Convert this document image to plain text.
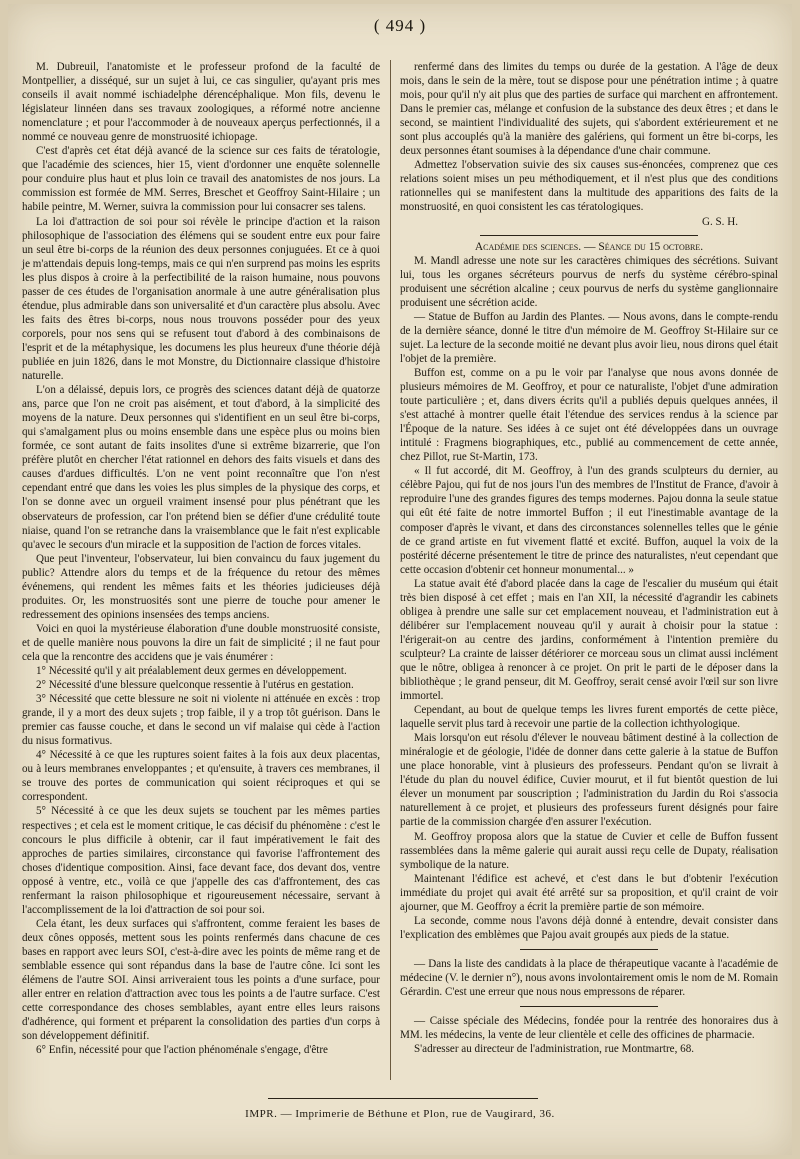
( 494 )

M. Dubreuil, l'anatomiste et le professeur profond de la faculté de Montpellier, a disséqué, sur un sujet à lui, ce cas singulier, qu'ayant pris mes conseils il avait nommé ischiadelphe dérencéphalique. Mon fils, devenu le législateur linnéen dans ses travaux zoologiques, a réformé notre ancienne nomenclature ; et pour l'accommoder à de nouveaux aperçus perfectionnés, il a nommé ce nouveau genre de monstruosité ichiopage.

C'est d'après cet état déjà avancé de la science sur ces faits de tératologie, que l'académie des sciences, hier 15, vient d'ordonner une enquête solennelle pour conduire plus haut et plus loin ce travail des anatomistes de nos jours. La commission est formée de MM. Serres, Breschet et Geoffroy Saint-Hilaire ; un habile peintre, M. Werner, suivra la commission pour lui consacrer ses talens.

La loi d'attraction de soi pour soi révèle le principe d'action et la raison philosophique de l'association des élémens qui se soudent entre eux pour faire un seul être bi-corps de la réunion des deux personnes conjuguées. Et ce à quoi je m'attendais depuis long-temps, mais ce qui n'en surprend pas moins les esprits les plus dispos à croire à la perfectibilité de la raison humaine, nous pouvons passer de ces études de l'organisation anormale à une autre généralisation plus étendue, plus admirable dans son universalité et d'un caractère plus absolu. Avec les faits des êtres bi-corps, nous nous trouvons posséder pour des yeux corporels, pour nos sens qui se refusent tout d'abord à des combinaisons de l'esprit et de la métaphysique, les documens les plus heureux d'une théorie déjà publiée en juin 1826, dans le mot Monstre, du Dictionnaire classique d'histoire naturelle.

L'on a délaissé, depuis lors, ce progrès des sciences datant déjà de quatorze ans, parce que l'on ne croit pas aisément, et tout d'abord, à la simplicité des moyens de la nature. Deux personnes qui s'identifient en un seul être bi-corps, qui s'amalgament plus ou moins ensemble dans une espèce plus ou moins bien formée, ce sont autant de faits insolites d'une si extrême bizarrerie, que l'on préfère plutôt en chercher l'état rationnel en dehors des faits visuels et dans des causes d'ardues difficultés. L'on ne vent point reconnaître que l'on n'est cependant entré que dans les voies les plus simples de la physique des corps, et l'on se donne avec un orgueil vraiment insensé pour plus pénétrant que les observateurs de profession, car l'on prétend bien se défier d'une crédulité toute niaise, quand l'on se retranche dans la vraisemblance que le fait n'est explicable qu'avec le secours d'un miracle et la supposition de l'action de forces vitales.

Que peut l'inventeur, l'observateur, lui bien convaincu du faux jugement du public? Attendre alors du temps et de la fréquence du retour des mêmes événemens, qui rendent les mêmes faits et les théories judicieuses déjà produites. Or, les monstruosités sont une pierre de touche pour amener le redressement des opinions insensées des temps anciens.

Voici en quoi la mystérieuse élaboration d'une double monstruosité consiste, et de quelle manière nous pouvons la dire un fait de simplicité ; il ne faut pour cela que la rencontre des accidens que je vais énumérer :

1° Nécessité qu'il y ait préalablement deux germes en développement.

2° Nécessité d'une blessure quelconque ressentie à l'utérus en gestation.

3° Nécessité que cette blessure ne soit ni violente ni atténuée en excès : trop grande, il y a mort des deux sujets ; trop faible, il y a trop tôt guérison. Dans le premier cas fausse couche, et dans le second un vif malaise qui cède à l'action du nisus formativus.

4° Nécessité à ce que les ruptures soient faites à la fois aux deux placentas, ou à leurs membranes enveloppantes ; et qu'ensuite, à travers ces membranes, il se trouve des portes de communication qui soient réciproques et qui se correspondent.

5° Nécessité à ce que les deux sujets se touchent par les mêmes parties respectives ; et cela est le moment critique, le cas décisif du phénomène : c'est le concours le plus difficile à obtenir, car il faut impérativement le fait des approches de parties similaires, circonstance qui favorise l'affrontement des choses d'identique composition. Ainsi, face devant face, dos devant dos, ventre opposé à ventre, etc., voilà ce que j'appelle des cas d'affrontement, des cas renfermant la raison philosophique et rigoureusement nécessaire, servant à l'accomplissement de la loi d'attraction de soi pour soi.

Cela étant, les deux surfaces qui s'affrontent, comme feraient les bases de deux cônes opposés, mettent sous les points renfermés dans chacune de ces bases en rapport avec leurs SOI, c'est-à-dire avec les points de même rang et de semblable essence qui sont répandus dans la base de l'autre cône. Ici sont les élémens de l'autre SOI. Ainsi arriveraient tous les points a d'une surface, pour aller entrer en relation d'attraction avec tous les points a de l'autre surface. C'est cette correspondance des choses semblables, ayant entre elles leurs raisons d'adhérence, qui forment et préparent la consolidation des parties d'un corps à son développement définitif.

6° Enfin, nécessité pour que l'action phénoménale s'engage, d'être

renfermé dans des limites du temps ou durée de la gestation. A l'âge de deux mois, dans le sein de la mère, tout se dispose pour une pénétration intime ; à quatre mois, pour qu'il n'y ait plus que des parties de surface qui marchent en affrontement. Dans le premier cas, mélange et confusion de la substance des deux êtres ; et dans le second, se maintient l'individualité des sujets, qui s'abordent extérieurement et ne sont plus accouplés qu'à la manière des galériens, qui forment un être bi-corps, les deux personnes étant soumises à la dépendance d'une chair commune.

Admettez l'observation suivie des six causes sus-énoncées, comprenez que ces relations soient mises un peu méthodiquement, et il n'est plus que des conditions rationnelles qui se manifestent dans la multitude des apparitions des faits de la monstruosité, en quoi consistent les cas tératologiques.

G. S. H.

Académie des sciences. — Séance du 15 octobre.

M. Mandl adresse une note sur les caractères chimiques des sécrétions. Suivant lui, tous les organes sécréteurs pourvus de nerfs du système cérébro-spinal produisent une sécrétion alcaline ; ceux pourvus de nerfs du système ganglionnaire produisent une sécrétion acide.

— Statue de Buffon au Jardin des Plantes. — Nous avons, dans le compte-rendu de la dernière séance, donné le titre d'un mémoire de M. Geoffroy St-Hilaire sur ce sujet. La lecture de la seconde moitié ne devant plus avoir lieu, nous dirons quel était l'objet de la première.

Buffon est, comme on a pu le voir par l'analyse que nous avons donnée de plusieurs mémoires de M. Geoffroy, et pour ce naturaliste, l'objet d'une admiration toute particulière ; et, dans divers écrits qu'il a publiés depuis quelques années, il s'est attaché à montrer quelle était l'étendue des services rendus à la science par l'Époque de la nature. Ses idées à ce sujet ont été développées dans un ouvrage intitulé : Fragmens biographiques, etc., publié au commencement de cette année, chez Pillot, rue St-Martin, 173.

« Il fut accordé, dit M. Geoffroy, à l'un des grands sculpteurs du dernier, au célèbre Pajou, qui fut de nos jours l'un des membres de l'Institut de France, d'avoir à reproduire l'une des grandes figures des temps modernes. Pajou donna la seule statue qui eût été faite de notre immortel Buffon ; il eut l'inestimable avantage de la composer d'après le vivant, et dans des circonstances solennelles telles que le génie de ce grand artiste en fut vivement flatté et excité. Buffon, auquel la voix de la postérité décerne présentement le titre de prince des naturalistes, n'eut cependant que cette occasion d'obtenir cet honneur monumental... »

La statue avait été d'abord placée dans la cage de l'escalier du muséum qui était très bien disposé à cet effet ; mais en l'an XII, la nécessité d'agrandir les cabinets obligea à prendre une salle sur cet emplacement nouveau, et l'administration eut à délibérer sur l'emplacement nouveau qu'il y aurait à choisir pour la statue : l'érigerait-on au centre des jardins, conformément à l'intention première du sculpteur? La crainte de laisser détériorer ce morceau sous un climat aussi inclément que le nôtre, obligea à renoncer à ce projet. On prit le parti de le déposer dans la bibliothèque ; le grand penseur, dit M. Geoffroy, serait censé avoir l'œil sur son livre immortel.

Cependant, au bout de quelque temps les livres furent emportés de cette pièce, laquelle servit plus tard à recevoir une partie de la collection ichthyologique.

Mais lorsqu'on eut résolu d'élever le nouveau bâtiment destiné à la collection de minéralogie et de géologie, l'idée de donner dans cette galerie à la statue de Buffon une place honorable, vint à plusieurs des professeurs. Pendant qu'on se livrait à l'étude du plan du nouvel édifice, Cuvier mourut, et il fut bientôt question de lui élever un monument par souscription ; l'administration du Jardin du Roi s'associa naturellement à ce projet, et plusieurs des professeurs furent désignés pour faire partie de la commission chargée d'en assurer l'exécution.

M. Geoffroy proposa alors que la statue de Cuvier et celle de Buffon fussent rassemblées dans la même galerie qui aurait aussi reçu celle de Dupaty, réalisation symbolique de la nature.

Maintenant l'édifice est achevé, et c'est dans le but d'obtenir l'exécution immédiate du projet qui avait été arrêté sur sa proposition, et qu'il craint de voir ajourner, que M. Geoffroy a écrit la première partie de son mémoire.

La seconde, comme nous l'avons déjà donné à entendre, devait consister dans l'explication des emblèmes que Pajou avait groupés aux pieds de la statue.

— Dans la liste des candidats à la place de thérapeutique vacante à l'académie de médecine (V. le dernier n°), nous avons involontairement omis le nom de M. Romain Gérardin. C'est une erreur que nous nous empressons de réparer.

— Caisse spéciale des Médecins, fondée pour la rentrée des honoraires dus à MM. les médecins, la vente de leur clientèle et celle des officines de pharmacie.

S'adresser au directeur de l'administration, rue Montmartre, 68.

IMPR. — Imprimerie de Béthune et Plon, rue de Vaugirard, 36.
